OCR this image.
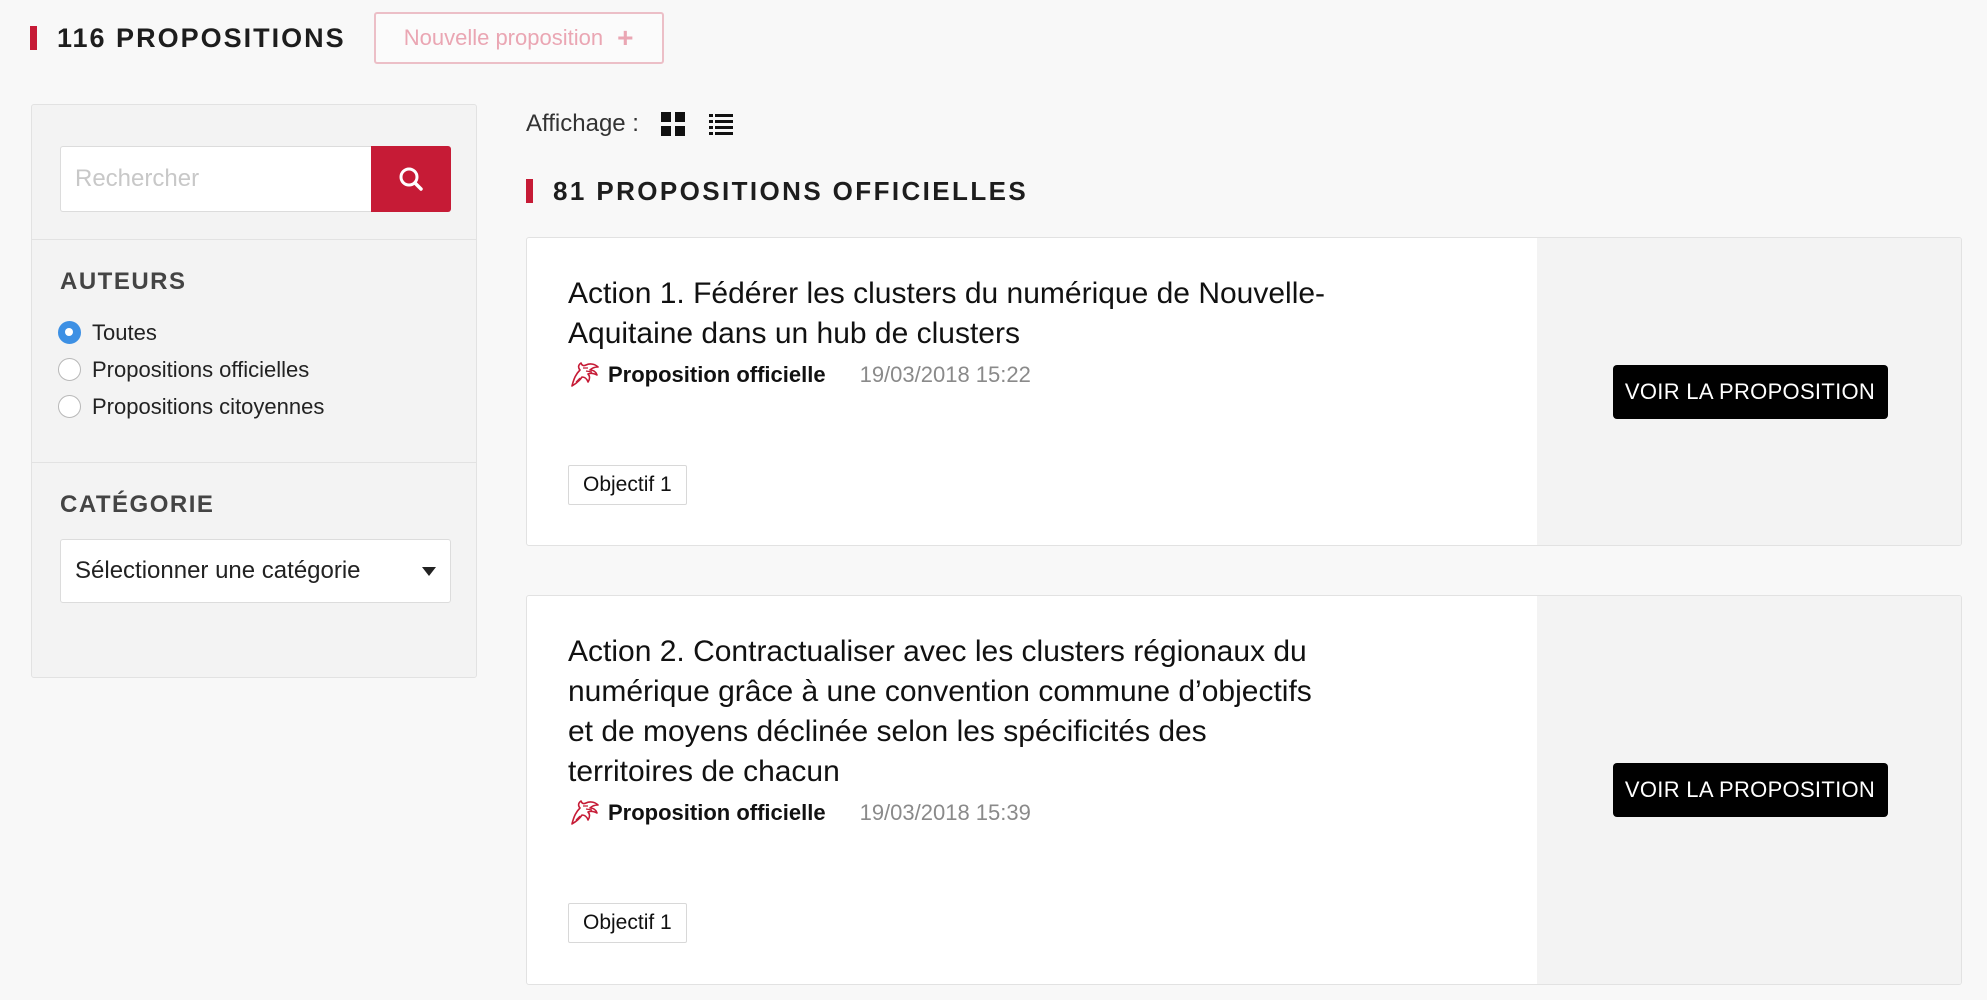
116 PROPOSITIONS	Nouvelle proposition +
Rechercher
AUTEURS
Toutes
Propositions officielles
Propositions citoyennes
CATÉGORIE
Sélectionner une catégorie
Affichage :
81 PROPOSITIONS OFFICIELLES

Action 1. Fédérer les clusters du numérique de Nouvelle-Aquitaine dans un hub de clusters

Proposition officielle 19/03/2018 15:22
Objectif 1
VOIR LA PROPOSITION

Action 2. Contractualiser avec les clusters régionaux du numérique grâce à une convention commune d’objectifs et de moyens déclinée selon les spécificités des territoires de chacun

Proposition officielle 19/03/2018 15:39
Objectif 1
VOIR LA PROPOSITION
